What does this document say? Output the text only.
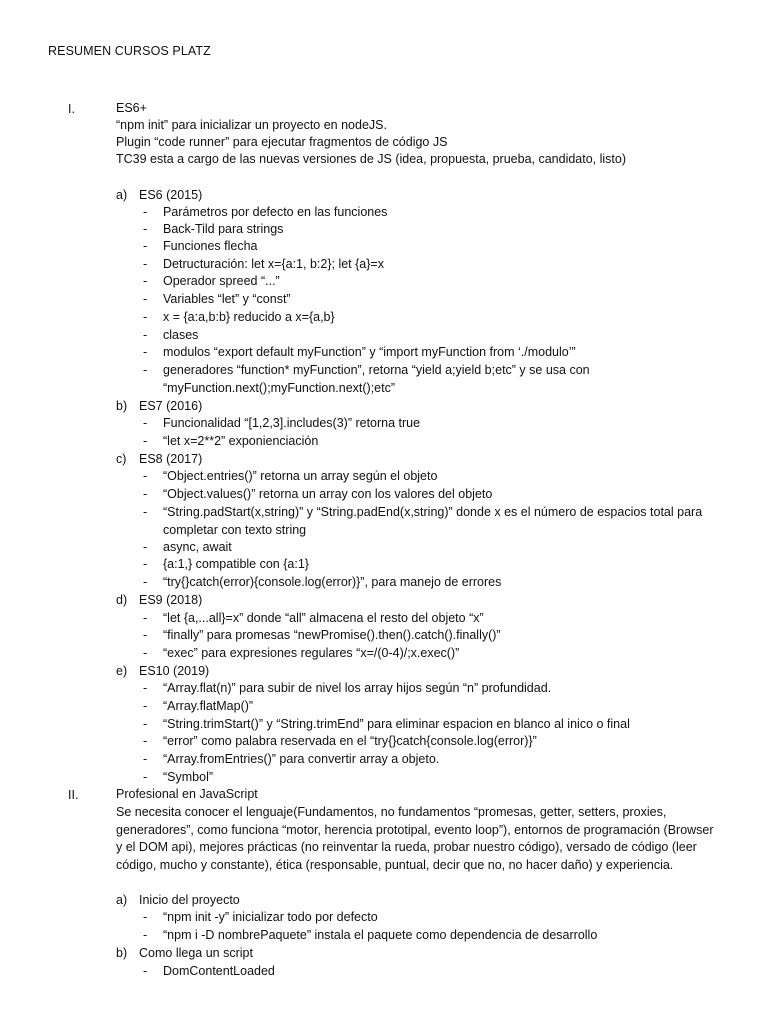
RESUMEN CURSOS PLATZ
I.	ES6+
“npm init” para inicializar un proyecto en nodeJS.
Plugin “code runner” para ejecutar fragmentos de código JS
TC39 esta a cargo de las nuevas versiones de JS (idea, propuesta, prueba, candidato, listo)
a) ES6 (2015)
- Parámetros por defecto en las funciones
- Back-Tild para strings
- Funciones flecha
- Detructuración: let x={a:1, b:2}; let {a}=x
- Operador spreed “...”
- Variables “let” y “const”
- x = {a:a,b:b} reducido a x={a,b}
- clases
- modulos “export default myFunction” y “import myFunction from ‘./modulo’”
- generadores “function* myFunction”, retorna “yield a;yield b;etc” y se usa con “myFunction.next();myFunction.next();etc”
b) ES7 (2016)
- Funcionalidad “[1,2,3].includes(3)” retorna true
- “let x=2**2” exponienciación
c) ES8 (2017)
- “Object.entries()” retorna un array según el objeto
- “Object.values()” retorna un array con los valores del objeto
- “String.padStart(x,string)” y “String.padEnd(x,string)” donde x es el número de espacios total para completar con texto string
- async, await
- {a:1,} compatible con {a:1}
- “try{}catch(error){console.log(error)}”, para manejo de errores
d) ES9 (2018)
- “let {a,...all}=x” donde “all” almacena el resto del objeto “x”
- “finally” para promesas “newPromise().then().catch().finally()”
- “exec” para expresiones regulares “x=/(0-4)/;x.exec()”
e) ES10 (2019)
- “Array.flat(n)” para subir de nivel los array hijos según “n” profundidad.
- “Array.flatMap()”
- “String.trimStart()” y “String.trimEnd” para eliminar espacion en blanco al inico o final
- “error” como palabra reservada en el “try{}catch{console.log(error)}”
- “Array.fromEntries()” para convertir array a objeto.
- “Symbol”
II.	Profesional en JavaScript
Se necesita conocer el lenguaje(Fundamentos, no fundamentos “promesas, getter, setters, proxies, generadores”, como funciona “motor, herencia prototipal, evento loop”), entornos de programación (Browser y el DOM api), mejores prácticas (no reinventar la rueda, probar nuestro código), versado de código (leer código, mucho y constante), ética (responsable, puntual, decir que no, no hacer daño) y experiencia.
a) Inicio del proyecto
- “npm init -y” inicializar todo por defecto
- “npm i -D nombrePaquete” instala el paquete como dependencia de desarrollo
b) Como llega un script
- DomContentLoaded
